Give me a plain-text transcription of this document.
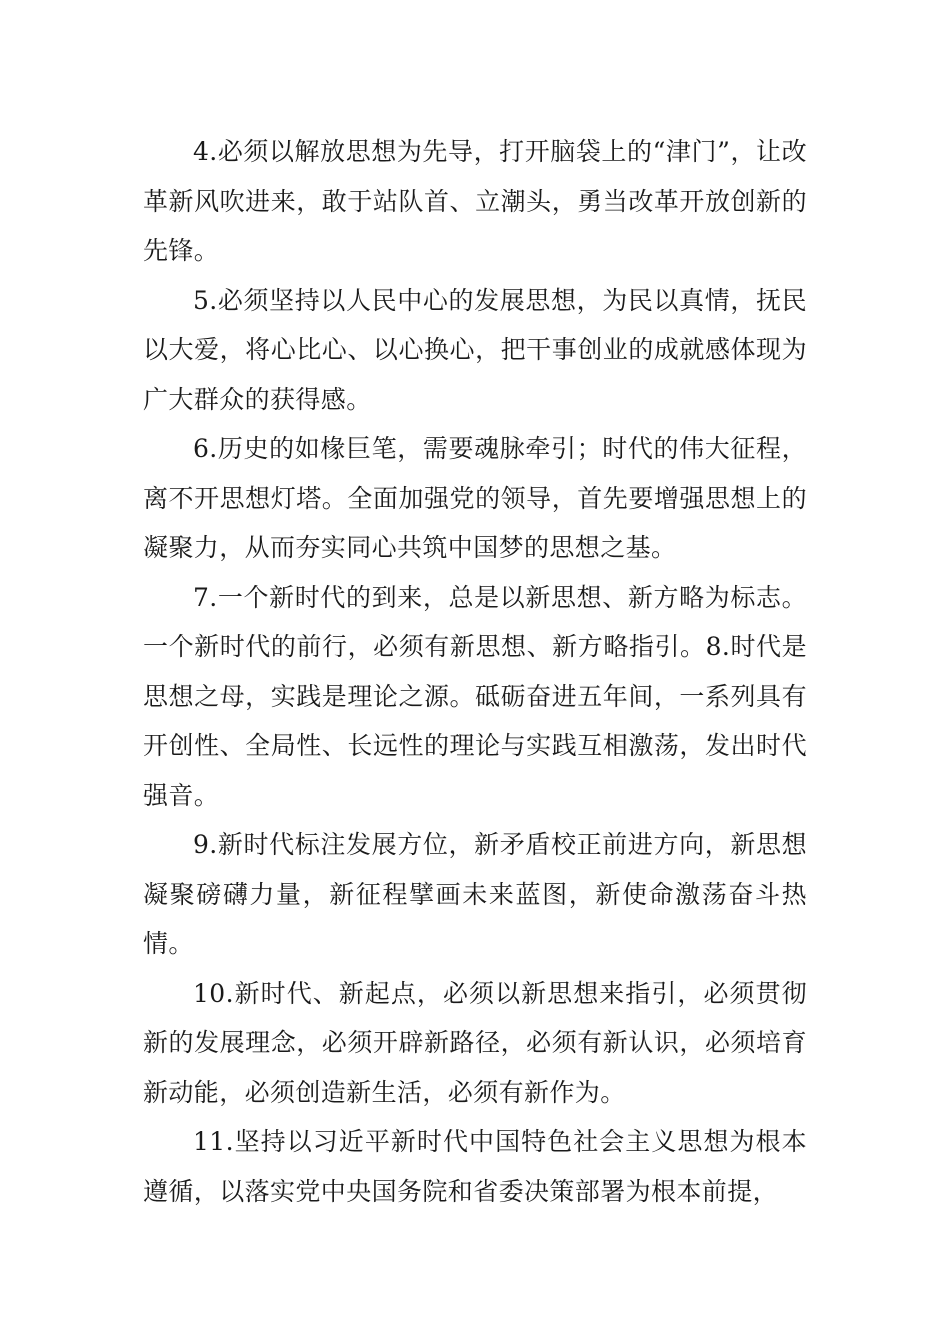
4.必须以解放思想为先导，打开脑袋上的“津门”，让改革新风吹进来，敢于站队首、立潮头，勇当改革开放创新的先锋。

5.必须坚持以人民中心的发展思想，为民以真情，抚民以大爱，将心比心、以心换心，把干事创业的成就感体现为广大群众的获得感。

6.历史的如椽巨笔，需要魂脉牵引；时代的伟大征程，离不开思想灯塔。全面加强党的领导，首先要增强思想上的凝聚力，从而夯实同心共筑中国梦的思想之基。

7.一个新时代的到来，总是以新思想、新方略为标志。一个新时代的前行，必须有新思想、新方略指引。8.时代是思想之母，实践是理论之源。砥砺奋进五年间，一系列具有开创性、全局性、长远性的理论与实践互相激荡，发出时代强音。

9.新时代标注发展方位，新矛盾校正前进方向，新思想凝聚磅礴力量，新征程擘画未来蓝图，新使命激荡奋斗热情。

10.新时代、新起点，必须以新思想来指引，必须贯彻新的发展理念，必须开辟新路径，必须有新认识，必须培育新动能，必须创造新生活，必须有新作为。

11.坚持以习近平新时代中国特色社会主义思想为根本遵循，以落实党中央国务院和省委决策部署为根本前提，
